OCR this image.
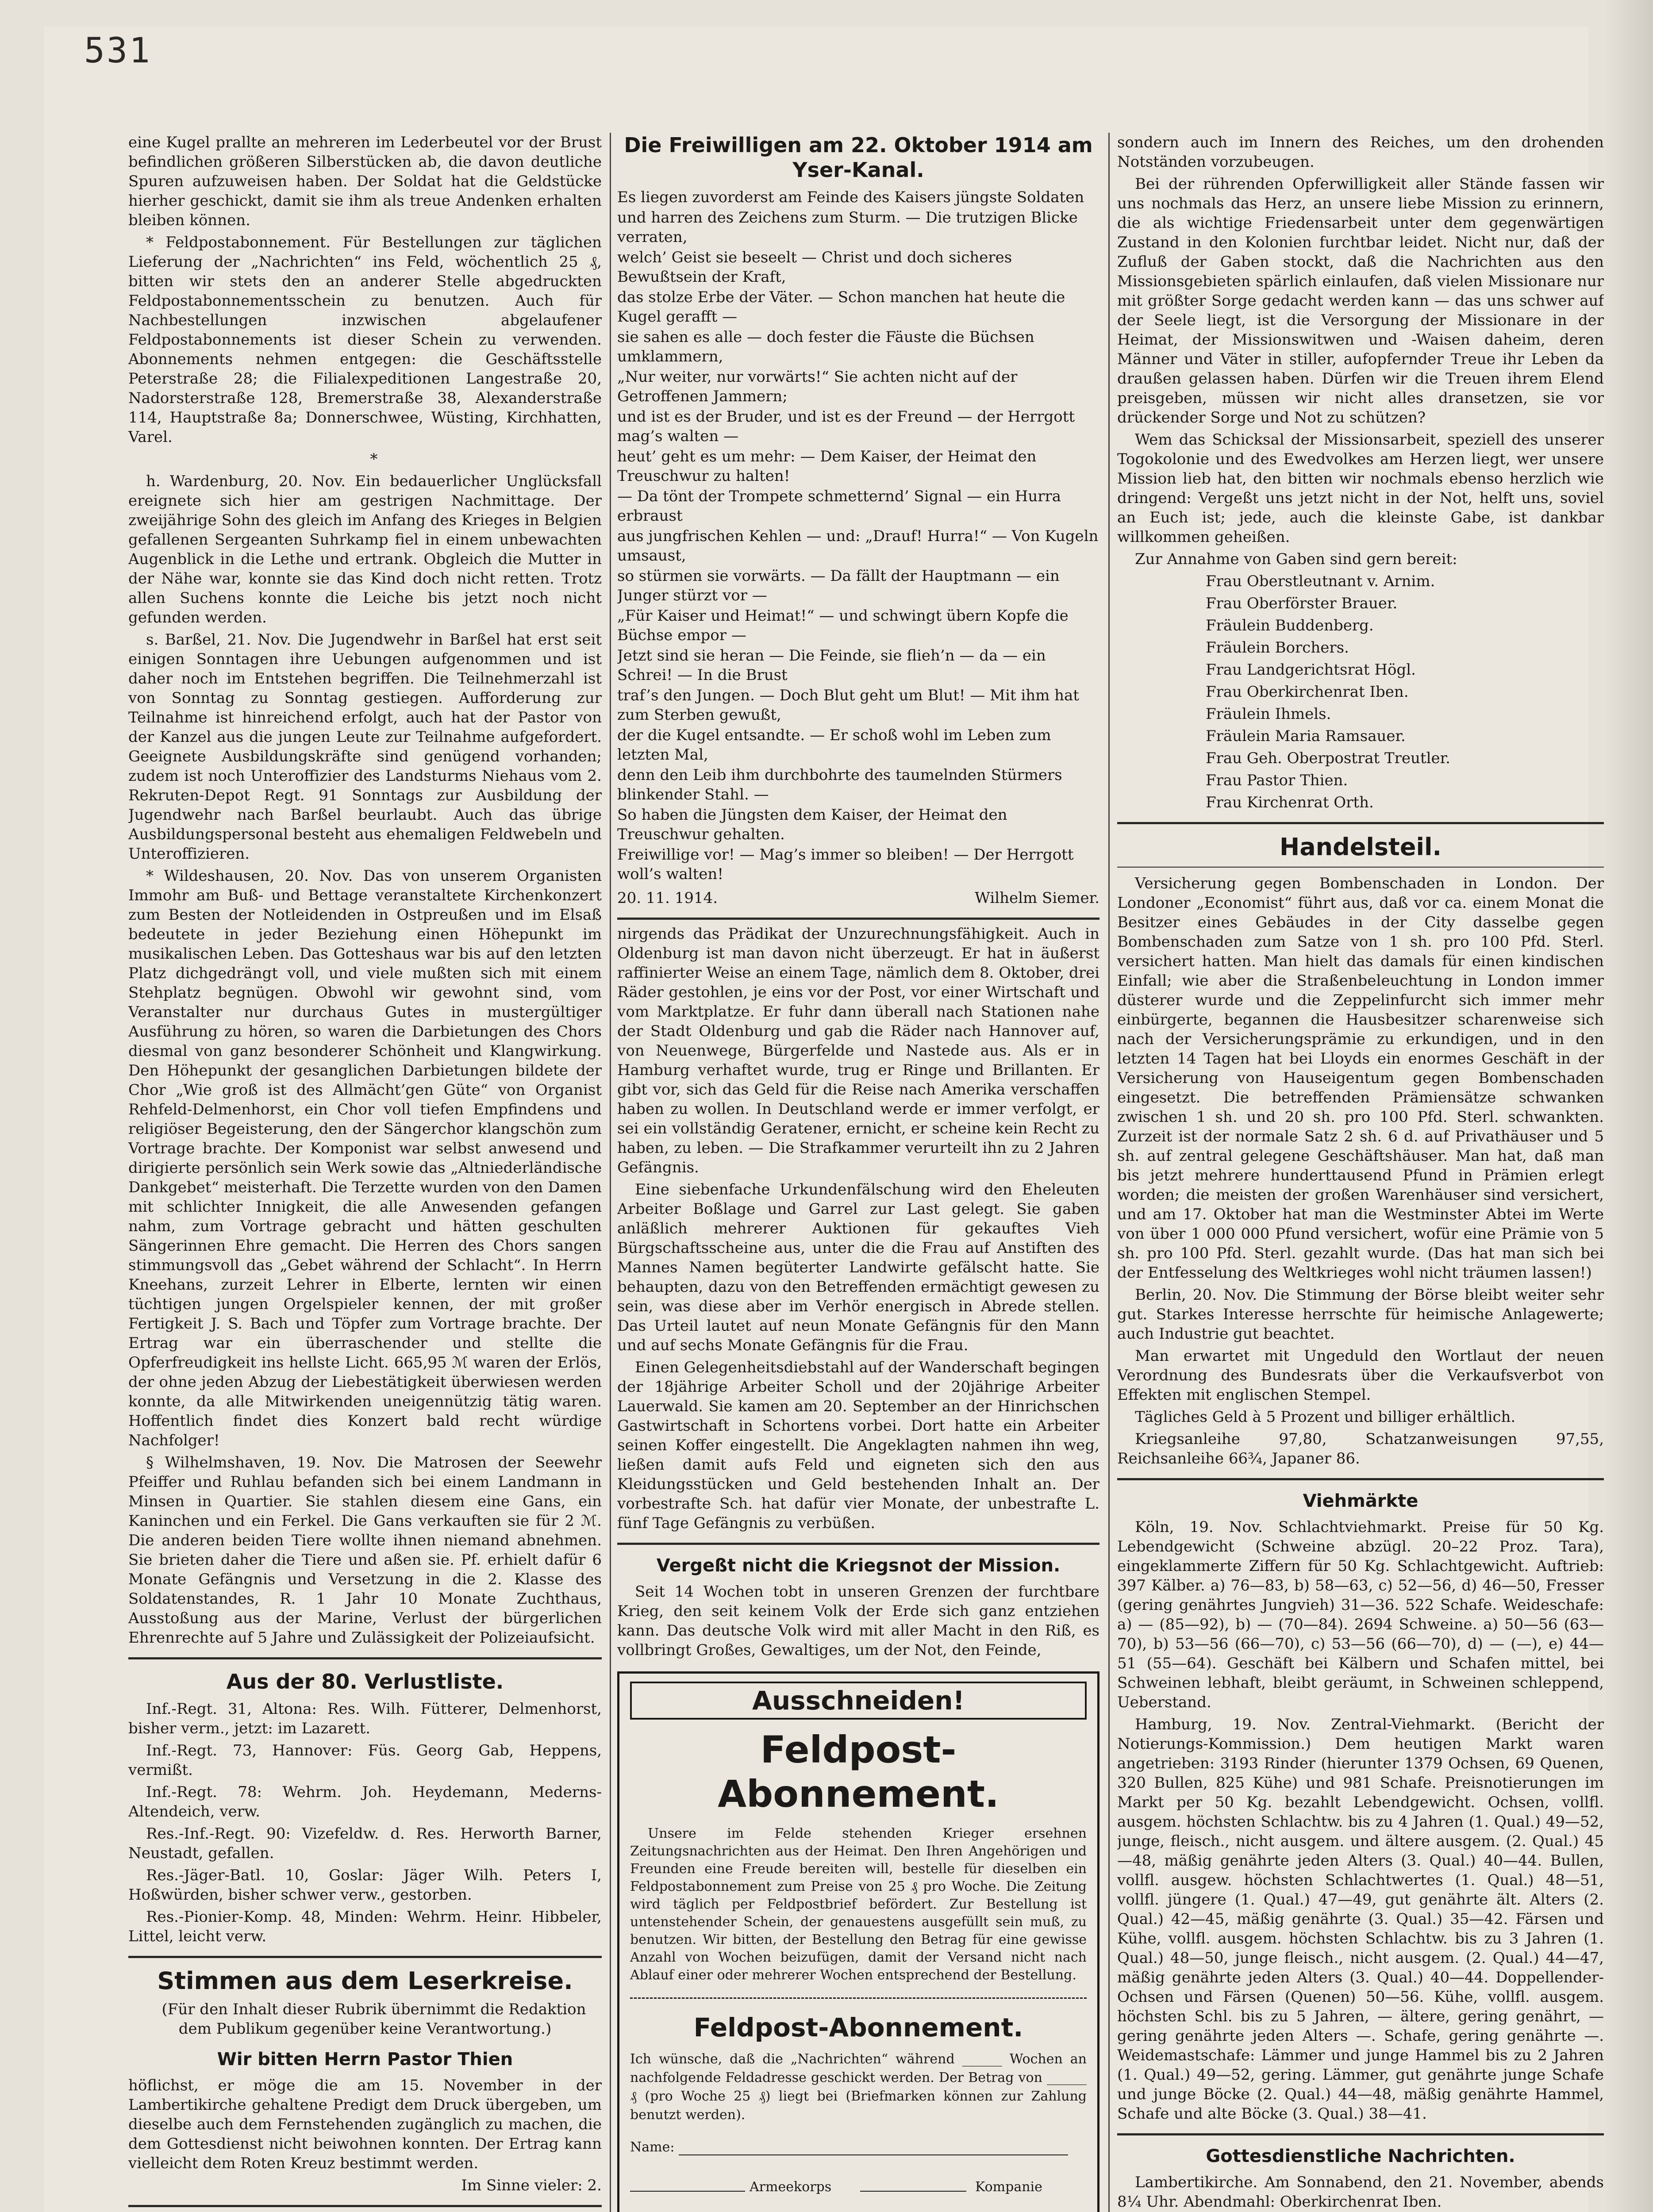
531

eine Kugel prallte an mehreren im Lederbeutel vor der Brust befindlichen größeren Silberstücken ab, die davon deutliche Spuren aufzuweisen haben. Der Soldat hat die Geldstücke hierher geschickt, damit sie ihm als treue Andenken erhalten bleiben können.

* Feldpostabonnement. Für Bestellungen zur täglichen Lieferung der „Nachrichten“ ins Feld, wöchentlich 25 ₰, bitten wir stets den an anderer Stelle abgedruckten Feldpostabonnementsschein zu benutzen. Auch für Nachbestellungen inzwischen abgelaufener Feldpostabonnements ist dieser Schein zu verwenden. Abonnements nehmen entgegen: die Geschäftsstelle Peterstraße 28; die Filialexpeditionen Langestraße 20, Nadorsterstraße 128, Bremerstraße 38, Alexanderstraße 114, Hauptstraße 8a; Donnerschwee, Wüsting, Kirchhatten, Varel.

*

h. Wardenburg, 20. Nov. Ein bedauerlicher Unglücksfall ereignete sich hier am gestrigen Nachmittage. Der zweijährige Sohn des gleich im Anfang des Krieges in Belgien gefallenen Sergeanten Suhrkamp fiel in einem unbewachten Augenblick in die Lethe und ertrank. Obgleich die Mutter in der Nähe war, konnte sie das Kind doch nicht retten. Trotz allen Suchens konnte die Leiche bis jetzt noch nicht gefunden werden.

s. Barßel, 21. Nov. Die Jugendwehr in Barßel hat erst seit einigen Sonntagen ihre Uebungen aufgenommen und ist daher noch im Entstehen begriffen. Die Teilnehmerzahl ist von Sonntag zu Sonntag gestiegen. Aufforderung zur Teilnahme ist hinreichend erfolgt, auch hat der Pastor von der Kanzel aus die jungen Leute zur Teilnahme aufgefordert. Geeignete Ausbildungskräfte sind genügend vorhanden; zudem ist noch Unteroffizier des Landsturms Niehaus vom 2. Rekruten-Depot Regt. 91 Sonntags zur Ausbildung der Jugendwehr nach Barßel beurlaubt. Auch das übrige Ausbildungspersonal besteht aus ehemaligen Feldwebeln und Unteroffizieren.

* Wildeshausen, 20. Nov. Das von unserem Organisten Immohr am Buß- und Bettage veranstaltete Kirchenkonzert zum Besten der Notleidenden in Ostpreußen und im Elsaß bedeutete in jeder Beziehung einen Höhepunkt im musikalischen Leben. Das Gotteshaus war bis auf den letzten Platz dichgedrängt voll, und viele mußten sich mit einem Stehplatz begnügen. Obwohl wir gewohnt sind, vom Veranstalter nur durchaus Gutes in mustergültiger Ausführung zu hören, so waren die Darbietungen des Chors diesmal von ganz besonderer Schönheit und Klangwirkung. Den Höhepunkt der gesanglichen Darbietungen bildete der Chor „Wie groß ist des Allmächt’gen Güte“ von Organist Rehfeld-Delmenhorst, ein Chor voll tiefen Empfindens und religiöser Begeisterung, den der Sängerchor klangschön zum Vortrage brachte. Der Komponist war selbst anwesend und dirigierte persönlich sein Werk sowie das „Altniederländische Dankgebet“ meisterhaft. Die Terzette wurden von den Damen mit schlichter Innigkeit, die alle Anwesenden gefangen nahm, zum Vortrage gebracht und hätten geschulten Sängerinnen Ehre gemacht. Die Herren des Chors sangen stimmungsvoll das „Gebet während der Schlacht“. In Herrn Kneehans, zurzeit Lehrer in Elberte, lernten wir einen tüchtigen jungen Orgelspieler kennen, der mit großer Fertigkeit J. S. Bach und Töpfer zum Vortrage brachte. Der Ertrag war ein überraschender und stellte die Opferfreudigkeit ins hellste Licht. 665,95 ℳ waren der Erlös, der ohne jeden Abzug der Liebestätigkeit überwiesen werden konnte, da alle Mitwirkenden uneigennützig tätig waren. Hoffentlich findet dies Konzert bald recht würdige Nachfolger!

§ Wilhelmshaven, 19. Nov. Die Matrosen der Seewehr Pfeiffer und Ruhlau befanden sich bei einem Landmann in Minsen in Quartier. Sie stahlen diesem eine Gans, ein Kaninchen und ein Ferkel. Die Gans verkauften sie für 2 ℳ. Die anderen beiden Tiere wollte ihnen niemand abnehmen. Sie brieten daher die Tiere und aßen sie. Pf. erhielt dafür 6 Monate Gefängnis und Versetzung in die 2. Klasse des Soldatenstandes, R. 1 Jahr 10 Monate Zuchthaus, Ausstoßung aus der Marine, Verlust der bürgerlichen Ehrenrechte auf 5 Jahre und Zulässigkeit der Polizeiaufsicht.

Aus der 80. Verlustliste.

Inf.-Regt. 31, Altona: Res. Wilh. Fütterer, Delmenhorst, bisher verm., jetzt: im Lazarett.

Inf.-Regt. 73, Hannover: Füs. Georg Gab, Heppens, vermißt.

Inf.-Regt. 78: Wehrm. Joh. Heydemann, Mederns-Altendeich, verw.

Res.-Inf.-Regt. 90: Vizefeldw. d. Res. Herworth Barner, Neustadt, gefallen.

Res.-Jäger-Batl. 10, Goslar: Jäger Wilh. Peters I, Hoßwürden, bisher schwer verw., gestorben.

Res.-Pionier-Komp. 48, Minden: Wehrm. Heinr. Hibbeler, Littel, leicht verw.

Stimmen aus dem Leserkreise.

(Für den Inhalt dieser Rubrik übernimmt die Redaktion dem Publikum gegenüber keine Verantwortung.)

Wir bitten Herrn Pastor Thien

höflichst, er möge die am 15. November in der Lambertikirche gehaltene Predigt dem Druck übergeben, um dieselbe auch dem Fernstehenden zugänglich zu machen, die dem Gottesdienst nicht beiwohnen konnten. Der Ertrag kann vielleicht dem Roten Kreuz bestimmt werden.

Im Sinne vieler: 2.

Die Freiwilligen am 22. Oktober 1914 am Yser-Kanal.

Es liegen zuvorderst am Feinde des Kaisers jüngste Soldaten

und harren des Zeichens zum Sturm. — Die trutzigen Blicke verraten,

welch’ Geist sie beseelt — Christ und doch sicheres Bewußtsein der Kraft,

das stolze Erbe der Väter. — Schon manchen hat heute die Kugel gerafft —

sie sahen es alle — doch fester die Fäuste die Büchsen umklammern,

„Nur weiter, nur vorwärts!“ Sie achten nicht auf der Getroffenen Jammern;

und ist es der Bruder, und ist es der Freund — der Herrgott mag’s walten —

heut’ geht es um mehr: — Dem Kaiser, der Heimat den Treuschwur zu halten!

— Da tönt der Trompete schmetternd’ Signal — ein Hurra erbraust

aus jungfrischen Kehlen — und: „Drauf! Hurra!“ — Von Kugeln umsaust,

so stürmen sie vorwärts. — Da fällt der Hauptmann — ein Junger stürzt vor —

„Für Kaiser und Heimat!“ — und schwingt übern Kopfe die Büchse empor —

Jetzt sind sie heran — Die Feinde, sie flieh’n — da — ein Schrei! — In die Brust

traf’s den Jungen. — Doch Blut geht um Blut! — Mit ihm hat zum Sterben gewußt,

der die Kugel entsandte. — Er schoß wohl im Leben zum letzten Mal,

denn den Leib ihm durchbohrte des taumelnden Stürmers blinkender Stahl. —

So haben die Jüngsten dem Kaiser, der Heimat den Treuschwur gehalten.

Freiwillige vor! — Mag’s immer so bleiben! — Der Herrgott woll’s walten!

20. 11. 1914.	Wilhelm Siemer.

nirgends das Prädikat der Unzurechnungsfähigkeit. Auch in Oldenburg ist man davon nicht überzeugt. Er hat in äußerst raffinierter Weise an einem Tage, nämlich dem 8. Oktober, drei Räder gestohlen, je eins vor der Post, vor einer Wirtschaft und vom Marktplatze. Er fuhr dann überall nach Stationen nahe der Stadt Oldenburg und gab die Räder nach Hannover auf, von Neuenwege, Bürgerfelde und Nastede aus. Als er in Hamburg verhaftet wurde, trug er Ringe und Brillanten. Er gibt vor, sich das Geld für die Reise nach Amerika verschaffen haben zu wollen. In Deutschland werde er immer verfolgt, er sei ein vollständig Geratener, ernicht, er scheine kein Recht zu haben, zu leben. — Die Strafkammer verurteilt ihn zu 2 Jahren Gefängnis.

Eine siebenfache Urkundenfälschung wird den Eheleuten Arbeiter Boßlage und Garrel zur Last gelegt. Sie gaben anläßlich mehrerer Auktionen für gekauftes Vieh Bürgschaftsscheine aus, unter die die Frau auf Anstiften des Mannes Namen begüterter Landwirte gefälscht hatte. Sie behaupten, dazu von den Betreffenden ermächtigt gewesen zu sein, was diese aber im Verhör energisch in Abrede stellen. Das Urteil lautet auf neun Monate Gefängnis für den Mann und auf sechs Monate Gefängnis für die Frau.

Einen Gelegenheitsdiebstahl auf der Wanderschaft begingen der 18jährige Arbeiter Scholl und der 20jährige Arbeiter Lauerwald. Sie kamen am 20. September an der Hinrichschen Gastwirtschaft in Schortens vorbei. Dort hatte ein Arbeiter seinen Koffer eingestellt. Die Angeklagten nahmen ihn weg, ließen damit aufs Feld und eigneten sich den aus Kleidungsstücken und Geld bestehenden Inhalt an. Der vorbestrafte Sch. hat dafür vier Monate, der unbestrafte L. fünf Tage Gefängnis zu verbüßen.

Vergeßt nicht die Kriegsnot der Mission.

Seit 14 Wochen tobt in unseren Grenzen der furchtbare Krieg, den seit keinem Volk der Erde sich ganz entziehen kann. Das deutsche Volk wird mit aller Macht in den Riß, es vollbringt Großes, Gewaltiges, um der Not, den Feinde,

Ausschneiden!
Feldpost-Abonnement.

Unsere im Felde stehenden Krieger ersehnen Zeitungsnachrichten aus der Heimat. Den Ihren Angehörigen und Freunden eine Freude bereiten will, bestelle für dieselben ein Feldpostabonnement zum Preise von 25 ₰ pro Woche. Die Zeitung wird täglich per Feldpostbrief befördert. Zur Bestellung ist untenstehender Schein, der genauestens ausgefüllt sein muß, zu benutzen. Wir bitten, der Bestellung den Betrag für eine gewisse Anzahl von Wochen beizufügen, damit der Versand nicht nach Ablauf einer oder mehrerer Wochen entsprechend der Bestellung.

Feldpost-Abonnement.

Ich wünsche, daß die „Nachrichten“ während ______ Wochen an nachfolgende Feldadresse geschickt werden. Der Betrag von ______ ₰ (pro Woche 25 ₰) liegt bei (Briefmarken können zur Zahlung benutzt werden).

Name:
Armeekorps	Kompanie

sondern auch im Innern des Reiches, um den drohenden Notständen vorzubeugen.

Bei der rührenden Opferwilligkeit aller Stände fassen wir uns nochmals das Herz, an unsere liebe Mission zu erinnern, die als wichtige Friedensarbeit unter dem gegenwärtigen Zustand in den Kolonien furchtbar leidet. Nicht nur, daß der Zufluß der Gaben stockt, daß die Nachrichten aus den Missionsgebieten spärlich einlaufen, daß vielen Missionare nur mit größter Sorge gedacht werden kann — das uns schwer auf der Seele liegt, ist die Versorgung der Missionare in der Heimat, der Missionswitwen und -Waisen daheim, deren Männer und Väter in stiller, aufopfernder Treue ihr Leben da draußen gelassen haben. Dürfen wir die Treuen ihrem Elend preisgeben, müssen wir nicht alles dransetzen, sie vor drückender Sorge und Not zu schützen?

Wem das Schicksal der Missionsarbeit, speziell des unserer Togokolonie und des Ewedvolkes am Herzen liegt, wer unsere Mission lieb hat, den bitten wir nochmals ebenso herzlich wie dringend: Vergeßt uns jetzt nicht in der Not, helft uns, soviel an Euch ist; jede, auch die kleinste Gabe, ist dankbar willkommen geheißen.

Zur Annahme von Gaben sind gern bereit:

Frau Oberstleutnant v. Arnim.

Frau Oberförster Brauer.

Fräulein Buddenberg.

Fräulein Borchers.

Frau Landgerichtsrat Högl.

Frau Oberkirchenrat Iben.

Fräulein Ihmels.

Fräulein Maria Ramsauer.

Frau Geh. Oberpostrat Treutler.

Frau Pastor Thien.

Frau Kirchenrat Orth.

Handelsteil.

Versicherung gegen Bombenschaden in London. Der Londoner „Economist“ führt aus, daß vor ca. einem Monat die Besitzer eines Gebäudes in der City dasselbe gegen Bombenschaden zum Satze von 1 sh. pro 100 Pfd. Sterl. versichert hatten. Man hielt das damals für einen kindischen Einfall; wie aber die Straßenbeleuchtung in London immer düsterer wurde und die Zeppelinfurcht sich immer mehr einbürgerte, begannen die Hausbesitzer scharenweise sich nach der Versicherungsprämie zu erkundigen, und in den letzten 14 Tagen hat bei Lloyds ein enormes Geschäft in der Versicherung von Hauseigentum gegen Bombenschaden eingesetzt. Die betreffenden Prämiensätze schwanken zwischen 1 sh. und 20 sh. pro 100 Pfd. Sterl. schwankten. Zurzeit ist der normale Satz 2 sh. 6 d. auf Privathäuser und 5 sh. auf zentral gelegene Geschäftshäuser. Man hat, daß man bis jetzt mehrere hunderttausend Pfund in Prämien erlegt worden; die meisten der großen Warenhäuser sind versichert, und am 17. Oktober hat man die Westminster Abtei im Werte von über 1 000 000 Pfund versichert, wofür eine Prämie von 5 sh. pro 100 Pfd. Sterl. gezahlt wurde. (Das hat man sich bei der Entfesselung des Weltkrieges wohl nicht träumen lassen!)

Berlin, 20. Nov. Die Stimmung der Börse bleibt weiter sehr gut. Starkes Interesse herrschte für heimische Anlagewerte; auch Industrie gut beachtet.

Man erwartet mit Ungeduld den Wortlaut der neuen Verordnung des Bundesrats über die Verkaufsverbot von Effekten mit englischen Stempel.

Tägliches Geld à 5 Prozent und billiger erhältlich.

Kriegsanleihe 97,80, Schatzanweisungen 97,55, Reichsanleihe 66¾, Japaner 86.

Viehmärkte

Köln, 19. Nov. Schlachtviehmarkt. Preise für 50 Kg. Lebendgewicht (Schweine abzügl. 20–22 Proz. Tara), eingeklammerte Ziffern für 50 Kg. Schlachtgewicht. Auftrieb: 397 Kälber. a) 76—83, b) 58—63, c) 52—56, d) 46—50, Fresser (gering genährtes Jungvieh) 31—36. 522 Schafe. Weideschafe: a) — (85—92), b) — (70—84). 2694 Schweine. a) 50—56 (63—70), b) 53—56 (66—70), c) 53—56 (66—70), d) — (—), e) 44—51 (55—64). Geschäft bei Kälbern und Schafen mittel, bei Schweinen lebhaft, bleibt geräumt, in Schweinen schleppend, Ueberstand.

Hamburg, 19. Nov. Zentral-Viehmarkt. (Bericht der Notierungs-Kommission.) Dem heutigen Markt waren angetrieben: 3193 Rinder (hierunter 1379 Ochsen, 69 Quenen, 320 Bullen, 825 Kühe) und 981 Schafe. Preisnotierungen im Markt per 50 Kg. bezahlt Lebendgewicht. Ochsen, vollfl. ausgem. höchsten Schlachtw. bis zu 4 Jahren (1. Qual.) 49—52, junge, fleisch., nicht ausgem. und ältere ausgem. (2. Qual.) 45—48, mäßig genährte jeden Alters (3. Qual.) 40—44. Bullen, vollfl. ausgew. höchsten Schlachtwertes (1. Qual.) 48—51, vollfl. jüngere (1. Qual.) 47—49, gut genährte ält. Alters (2. Qual.) 42—45, mäßig genährte (3. Qual.) 35—42. Färsen und Kühe, vollfl. ausgem. höchsten Schlachtw. bis zu 3 Jahren (1. Qual.) 48—50, junge fleisch., nicht ausgem. (2. Qual.) 44—47, mäßig genährte jeden Alters (3. Qual.) 40—44. Doppellender-Ochsen und Färsen (Quenen) 50—56. Kühe, vollfl. ausgem. höchsten Schl. bis zu 5 Jahren, — ältere, gering genährt, — gering genährte jeden Alters —. Schafe, gering genährte —. Weidemastschafe: Lämmer und junge Hammel bis zu 2 Jahren (1. Qual.) 49—52, gering. Lämmer, gut genährte junge Schafe und junge Böcke (2. Qual.) 44—48, mäßig genährte Hammel, Schafe und alte Böcke (3. Qual.) 38—41.

Gottesdienstliche Nachrichten.

Lambertikirche. Am Sonnabend, den 21. November, abends 8¼ Uhr. Abendmahl: Oberkirchenrat Iben.
